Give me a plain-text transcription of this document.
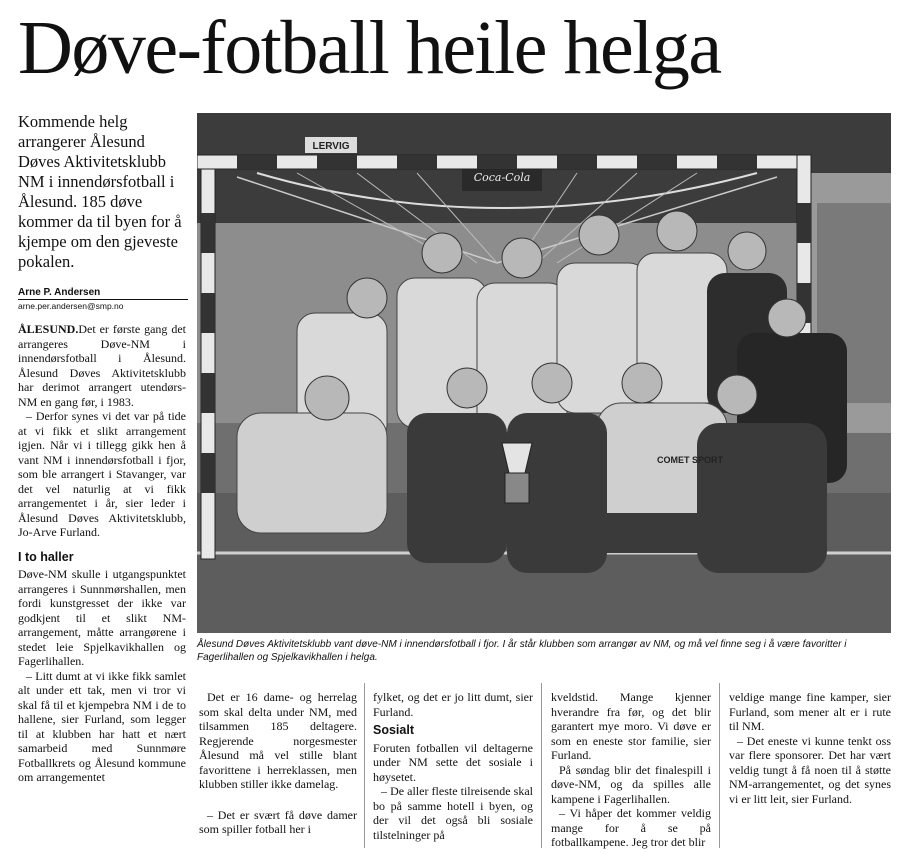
Døve-fotball heile helga
Kommende helg arrangerer Ålesund Døves Aktivitetsklubb NM i innendørsfotball i Ålesund. 185 døve kommer da til byen for å kjempe om den gjeveste pokalen.
Arne P. Andersen
arne.per.andersen@smp.no

ÅLESUND.Det er første gang det arrangeres Døve-NM i innendørsfotball i Ålesund. Ålesund Døves Aktivitetsklubb har derimot arrangert utendørs-NM en gang før, i 1983.

– Derfor synes vi det var på tide at vi fikk et slikt arrangement igjen. Når vi i tillegg gikk hen å vant NM i innendørsfotball i fjor, som ble arrangert i Stavanger, var det vel naturlig at vi fikk arrangementet i år, sier leder i Ålesund Døves Aktivitetsklubb, Jo-Arve Furland.

I to haller

Døve-NM skulle i utgangspunktet arrangeres i Sunnmørshallen, men fordi kunstgresset der ikke var godkjent til et slikt NM-arrangement, måtte arrangørene i stedet leie Spjelkavikhallen og Fagerlihallen.

– Litt dumt at vi ikke fikk samlet alt under ett tak, men vi tror vi skal få til et kjempebra NM i de to hallene, sier Furland, som legger til at klubben har hatt et nært samarbeid med Sunnmøre Fotballkrets og Ålesund kommune om arrangementet

LERVIG
Coca-Cola
COMET SPORT
Ålesund Døves Aktivitetsklubb vant døve-NM i innendørsfotball i fjor. I år står klubben som arrangør av NM, og må vel finne seg i å være favoritter i Fagerlihallen og Spjelkavikhallen i helga.

Det er 16 dame- og herrelag som skal delta under NM, med tilsammen 185 deltagere. Regjerende norgesmester Ålesund må vel stille blant favorittene i herreklassen, men klubben stiller ikke damelag.

– Det er svært få døve damer som spiller fotball her i

fylket, og det er jo litt dumt, sier Furland.

Sosialt

Foruten fotballen vil deltagerne under NM sette det sosiale i høysetet.

– De aller fleste tilreisende skal bo på samme hotell i byen, og der vil det også bli sosiale tilstelninger på

kveldstid. Mange kjenner hverandre fra før, og det blir garantert mye moro. Vi døve er som en eneste stor familie, sier Furland.

På søndag blir det finalespill i døve-NM, og da spilles alle kampene i Fagerlihallen.

– Vi håper det kommer veldig mange for å se på fotballkampene. Jeg tror det blir

veldige mange fine kamper, sier Furland, som mener alt er i rute til NM.

– Det eneste vi kunne tenkt oss var flere sponsorer. Det har vært veldig tungt å få noen til å støtte NM-arrangementet, og det synes vi er litt leit, sier Furland.
